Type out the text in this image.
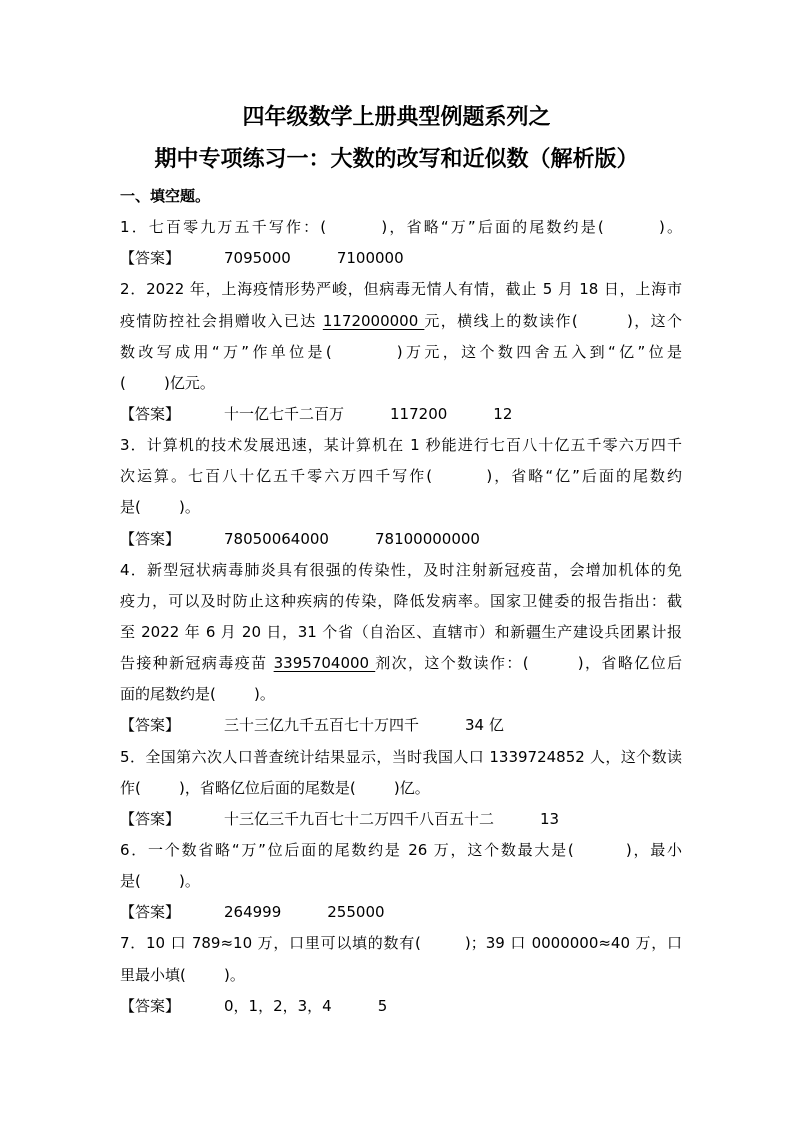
四年级数学上册典型例题系列之
期中专项练习一：大数的改写和近似数（解析版）
一、填空题。
1．七百零九万五千写作：(        )，省略“万”后面的尾数约是(        )。
【答案】	7095000	7100000
2．2022 年，上海疫情形势严峻，但病毒无情人有情，截止 5 月 18 日，上海市
疫情防控社会捐赠收入已达 1172000000 元，横线上的数读作(        )，这个
数改写成用“万”作单位是(        )万元，这个数四舍五入到“亿”位是
(        )亿元。
【答案】	十一亿七千二百万	117200	12
3．计算机的技术发展迅速，某计算机在 1 秒能进行七百八十亿五千零六万四千
次运算。七百八十亿五千零六万四千写作(        )，省略“亿”后面的尾数约
是(        )。
【答案】	78050064000	78100000000
4．新型冠状病毒肺炎具有很强的传染性，及时注射新冠疫苗，会增加机体的免
疫力，可以及时防止这种疾病的传染，降低发病率。国家卫健委的报告指出：截
至 2022 年 6 月 20 日，31 个省（自治区、直辖市）和新疆生产建设兵团累计报
告接种新冠病毒疫苗 3395704000 剂次，这个数读作：(        )，省略亿位后
面的尾数约是(        )。
【答案】	三十三亿九千五百七十万四千	34 亿
5．全国第六次人口普查统计结果显示，当时我国人口 1339724852 人，这个数读
作(        )，省略亿位后面的尾数是(        )亿。
【答案】	十三亿三千九百七十二万四千八百五十二	13
6．一个数省略“万”位后面的尾数约是 26 万，这个数最大是(        )，最小
是(        )。
【答案】	264999	255000
7．10 口 789≈10 万，口里可以填的数有(        )；39 口 0000000≈40 万，口
里最小填(        )。
【答案】	0，1，2，3，4	5
